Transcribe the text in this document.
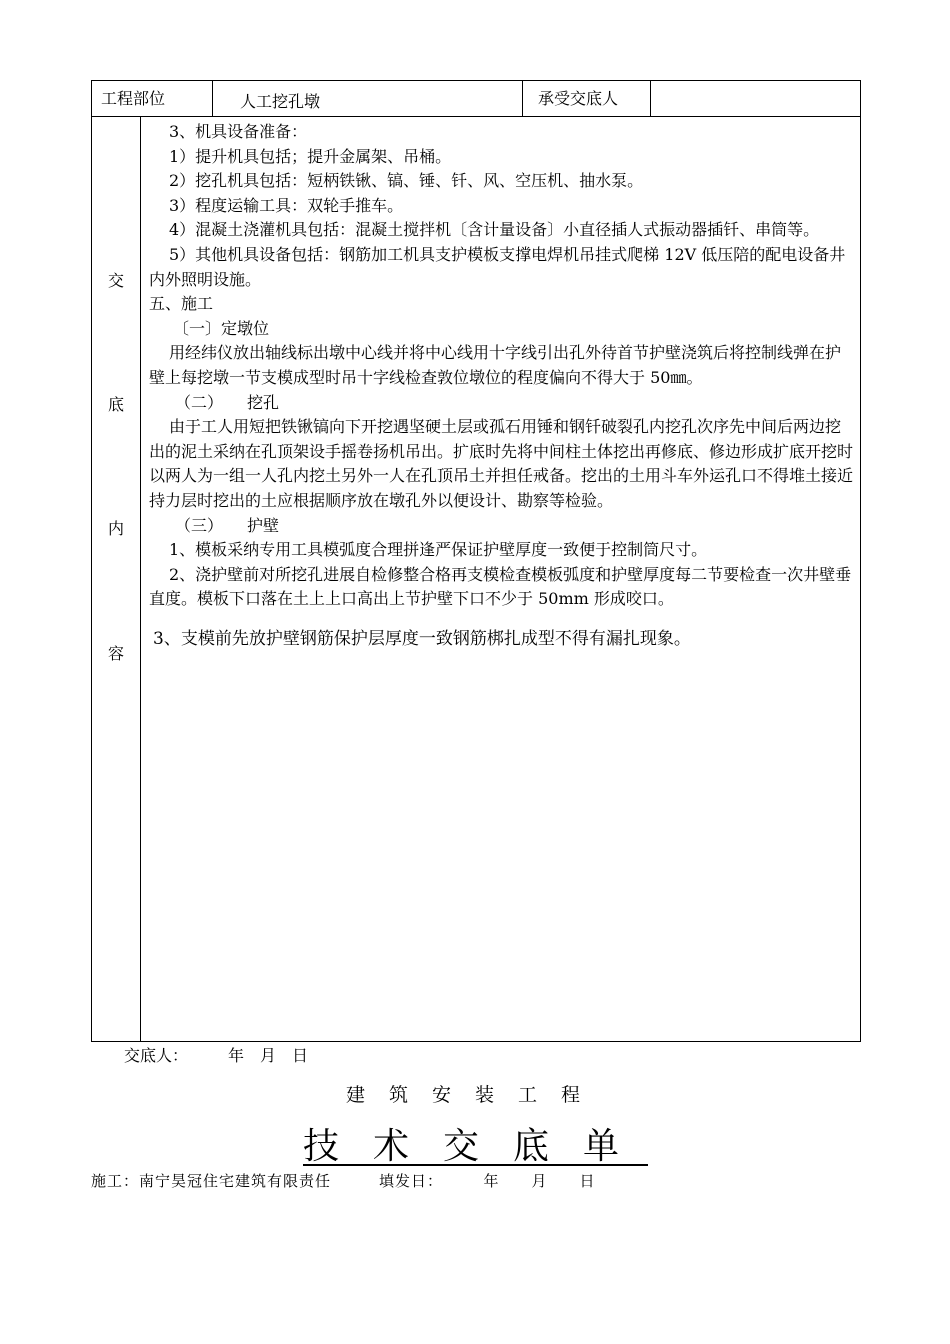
工程部位	人工挖孔墩	承受交底人
交
底
内
容

3、机具设备准备：

1）提升机具包括；提升金属架、吊桶。

2）挖孔机具包括：短柄铁锹、镐、锤、钎、风、空压机、抽水泵。

3）程度运输工具：双轮手推车。

4）混凝土浇灌机具包括：混凝土搅拌机〔含计量设备〕小直径插人式振动器插钎、串筒等。

5）其他机具设备包括：钢筋加工机具支护模板支撑电焊机吊挂式爬梯 12V 低压陪的配电设备井内外照明设施。

五、施工

〔一〕定墩位

用经纬仪放出轴线标出墩中心线并将中心线用十字线引出孔外待首节护壁浇筑后将控制线弹在护壁上每挖墩一节支模成型时吊十字线检查敦位墩位的程度偏向不得大于 50㎜。

（二）　　挖孔

由于工人用短把铁锹镐向下开挖遇坚硬土层或孤石用锤和钢钎破裂孔内挖孔次序先中间后两边挖出的泥土采纳在孔顶架设手摇卷扬机吊出。扩底时先将中间柱土体挖出再修底、修边形成扩底开挖时以两人为一组一人孔内挖土另外一人在孔顶吊土并担任戒备。挖出的土用斗车外运孔口不得堆土接近持力层时挖出的土应根据顺序放在墩孔外以便设计、勘察等检验。

（三）　　护壁

1、模板采纳专用工具模弧度合理拼逢严保证护壁厚度一致便于控制筒尺寸。

2、浇护壁前对所挖孔进展自检修整合格再支模检查模板弧度和护壁厚度每二节要检查一次井壁垂直度。模板下口落在土上上口高出上节护壁下口不少于 50mm 形成咬口。

3、支模前先放护壁钢筋保护层厚度一致钢筋梆扎成型不得有漏扎现象。

交底人：　　　年　月　日
建筑安装工程
技术交底单
施工：南宁昊冠住宅建筑有限责任　　　填发日：　　　年　　月　　日
